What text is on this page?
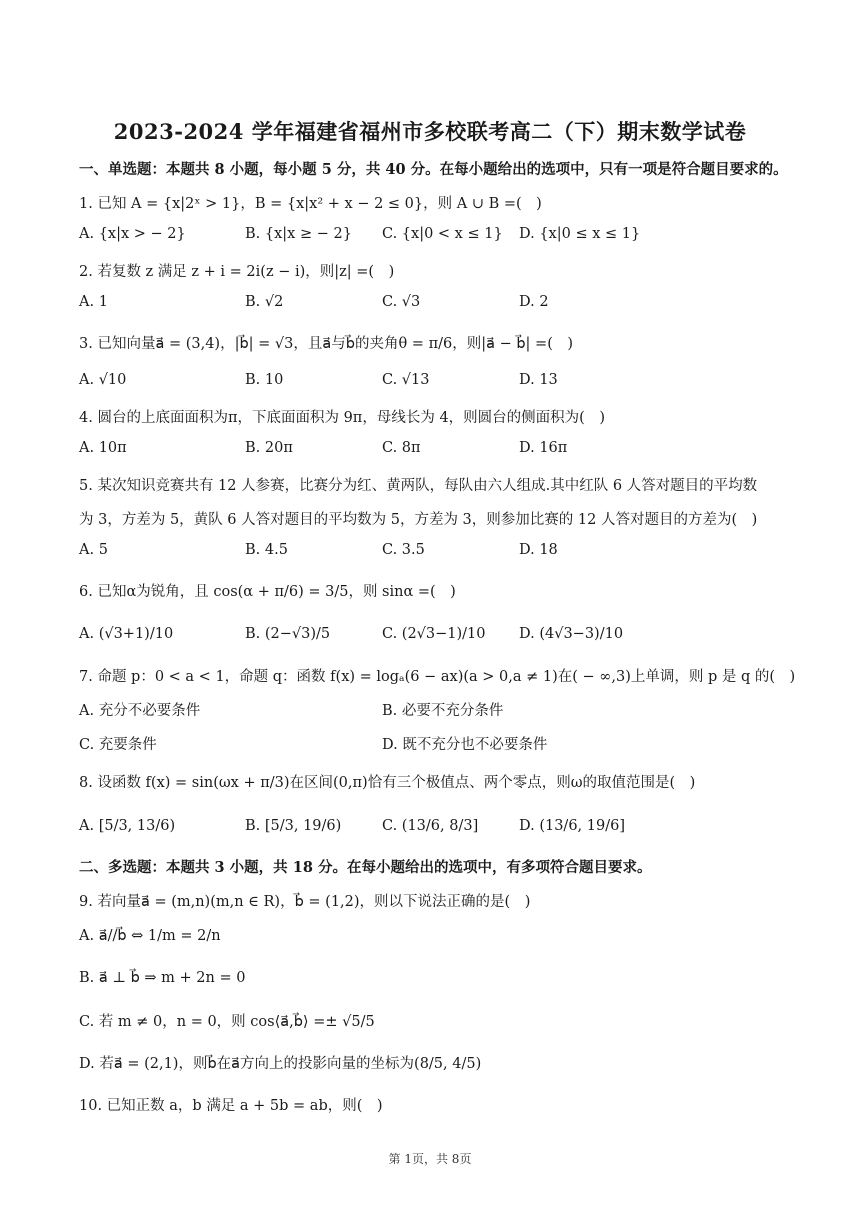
2023-2024 学年福建省福州市多校联考高二（下）期末数学试卷
一、单选题：本题共 8 小题，每小题 5 分，共 40 分。在每小题给出的选项中，只有一项是符合题目要求的。
1. 已知 A = {x|2ˣ > 1}，B = {x|x² + x − 2 ≤ 0}，则 A ∪ B =(　)
A. {x|x > − 2}	B. {x|x ≥ − 2} C. {x|0 < x ≤ 1} D. {x|0 ≤ x ≤ 1}
2. 若复数 z 满足 z + i = 2i(z − i)，则|z| =(　)
A. 1	B. √2	C. √3	D. 2
3. 已知向量a⃗ = (3,4)，|b⃗| = √3，且a⃗与b⃗的夹角θ = π/6，则|a⃗ − b⃗| =(　)
A. √10	B. 10	C. √13	D. 13
4. 圆台的上底面面积为π，下底面面积为 9π，母线长为 4，则圆台的侧面积为(　)
A. 10π	B. 20π	C. 8π	D. 16π
5. 某次知识竞赛共有 12 人参赛，比赛分为红、黄两队，每队由六人组成.其中红队 6 人答对题目的平均数
为 3，方差为 5，黄队 6 人答对题目的平均数为 5，方差为 3，则参加比赛的 12 人答对题目的方差为(　)
A. 5	B. 4.5	C. 3.5	D. 18
6. 已知α为锐角，且 cos(α + π/6) = 3/5，则 sinα =(　)
A. (√3+1)/10	B. (2−√3)/5	C. (2√3−1)/10 D. (4√3−3)/10
7. 命题 p：0 < a < 1，命题 q：函数 f(x) = logₐ(6 − ax)(a > 0,a ≠ 1)在( − ∞,3)上单调，则 p 是 q 的(　)
A. 充分不必要条件	B. 必要不充分条件
C. 充要条件	D. 既不充分也不必要条件
8. 设函数 f(x) = sin(ωx + π/3)在区间(0,π)恰有三个极值点、两个零点，则ω的取值范围是(　)
A. [5/3, 13/6)	B. [5/3, 19/6)	C. (13/6, 8/3]	D. (13/6, 19/6]
二、多选题：本题共 3 小题，共 18 分。在每小题给出的选项中，有多项符合题目要求。
9. 若向量a⃗ = (m,n)(m,n ∈ R)，b⃗ = (1,2)，则以下说法正确的是(　)
A. a⃗//b⃗ ⇔ 1/m = 2/n
B. a⃗ ⊥ b⃗ ⇒ m + 2n = 0
C. 若 m ≠ 0，n = 0，则 cos⟨a⃗,b⃗⟩ =± √5/5
D. 若a⃗ = (2,1)，则b⃗在a⃗方向上的投影向量的坐标为(8/5, 4/5)
10. 已知正数 a，b 满足 a + 5b = ab，则(　)
第 1页，共 8页
